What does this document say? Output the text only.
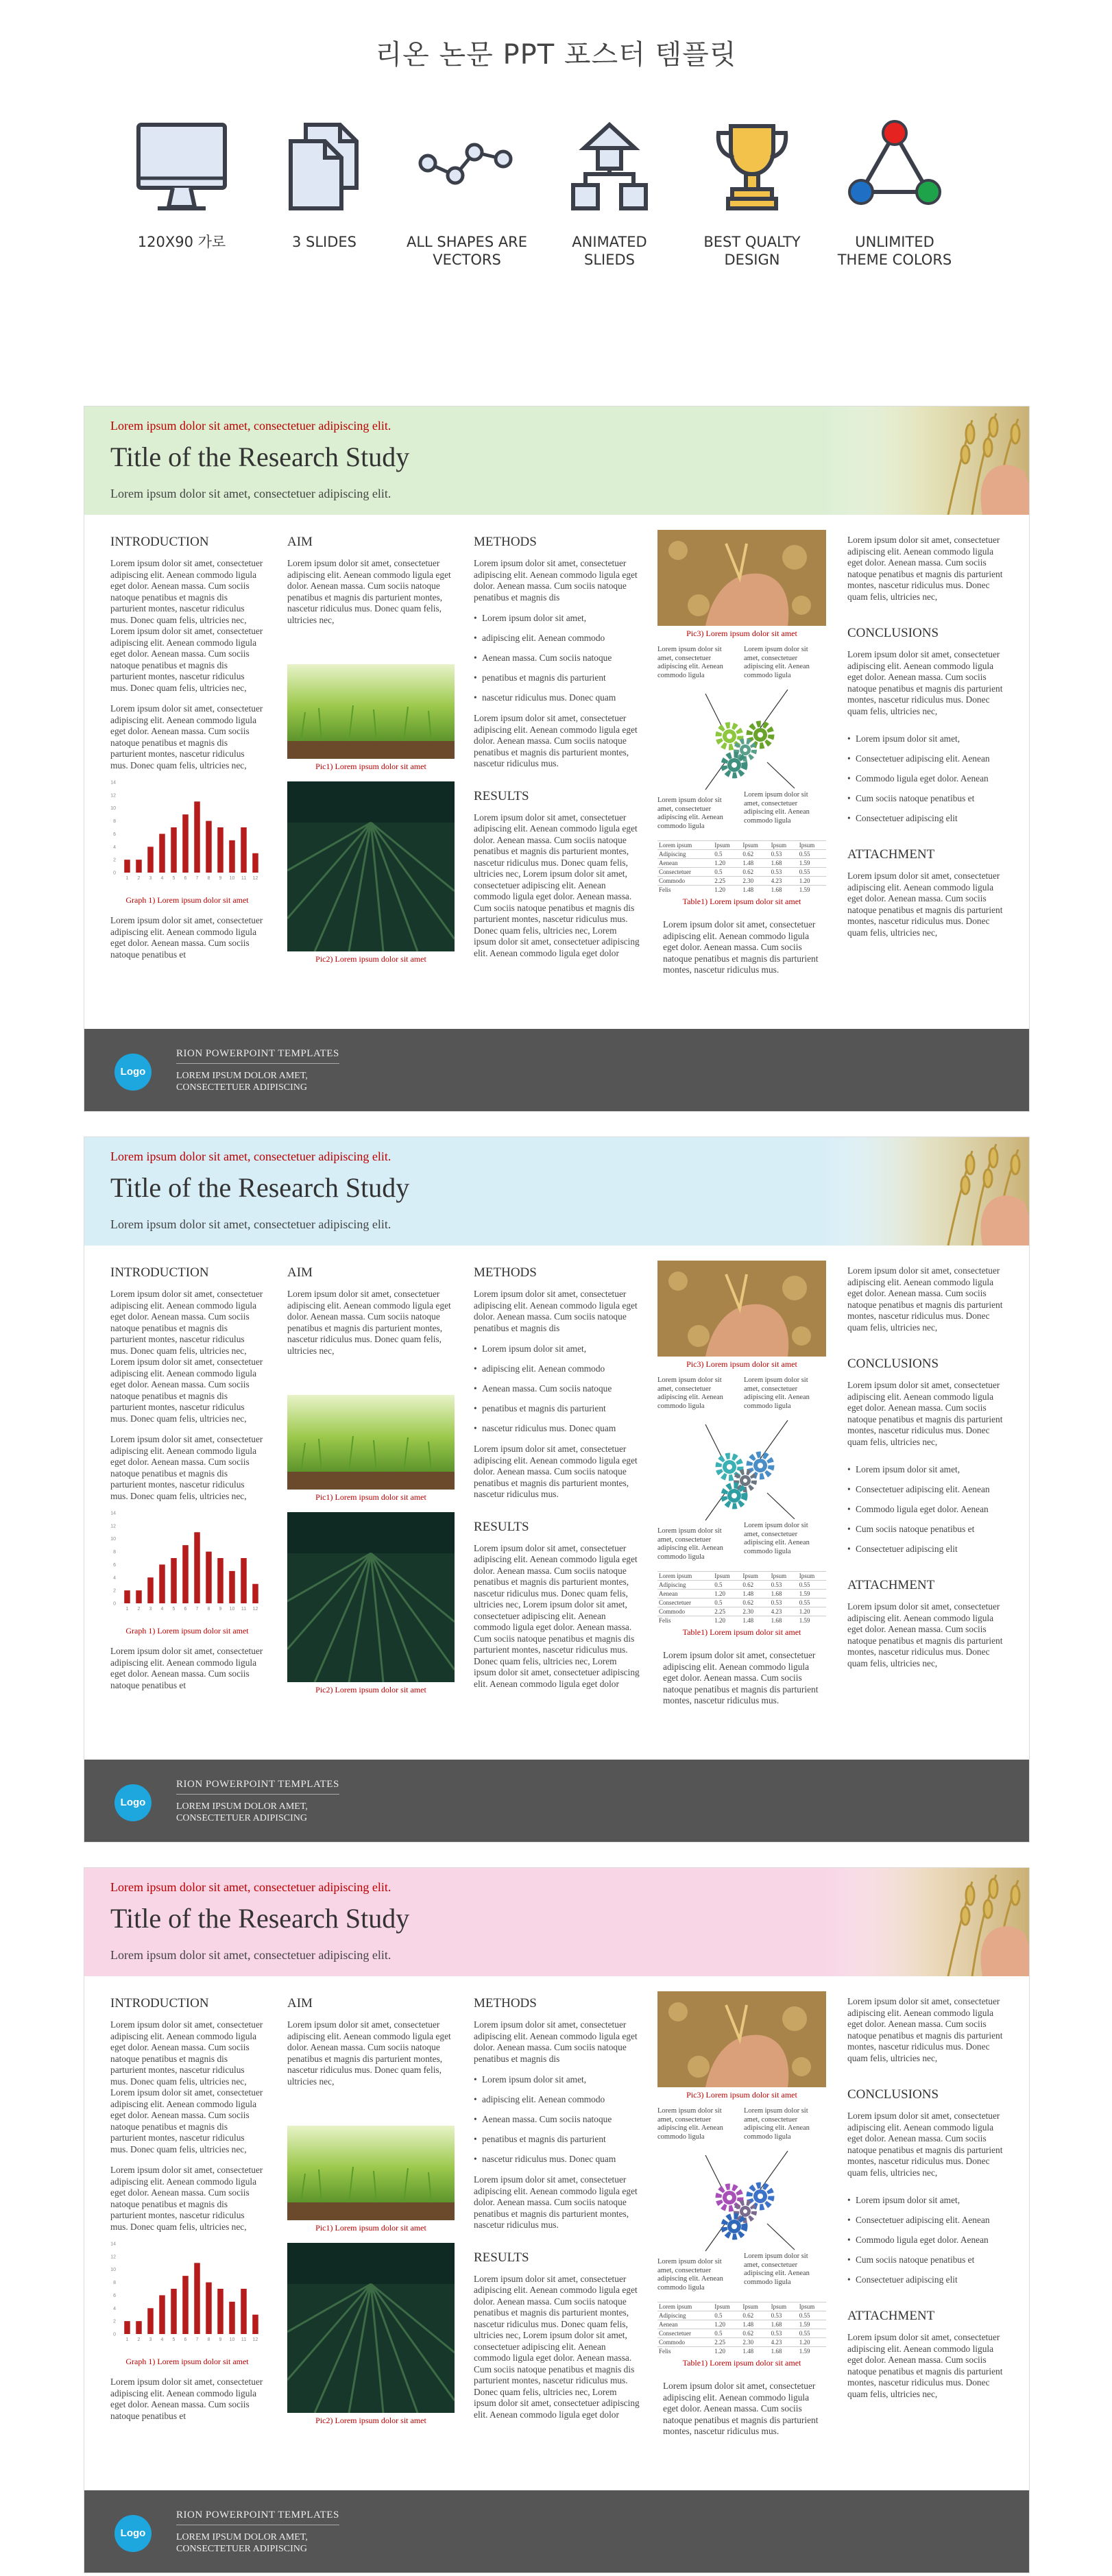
리온 논문 PPT 포스터 템플릿
120X90 가로	3 SLIDES	ALL SHAPES ARE VECTORS
ANIMATED SLIEDS
BEST QUALTY DESIGN
UNLIMITED THEME COLORS
Lorem ipsum dolor sit amet, consectetuer adipiscing elit.
Title of the Research Study
Lorem ipsum dolor sit amet, consectetuer adipiscing elit.
INTRODUCTION
Lorem ipsum dolor sit amet, consectetuer adipiscing elit. Aenean commodo ligula eget dolor. Aenean massa. Cum sociis natoque penatibus et magnis dis parturient montes, nascetur ridiculus mus. Donec quam felis, ultricies nec,
Lorem ipsum dolor sit amet, consectetuer adipiscing elit. Aenean commodo ligula eget dolor. Aenean massa. Cum sociis natoque penatibus et magnis dis parturient montes, nascetur ridiculus mus. Donec quam felis, ultricies nec,
Lorem ipsum dolor sit amet, consectetuer adipiscing elit. Aenean commodo ligula eget dolor. Aenean massa. Cum sociis natoque penatibus et magnis dis parturient montes, nascetur ridiculus mus. Donec quam felis, ultricies nec,
0
2
4
6
8
10
12
14
1 2 3 4 5 6 7 8 9 10 11 12
Graph 1) Lorem ipsum dolor sit amet
Lorem ipsum dolor sit amet, consectetuer adipiscing elit. Aenean commodo ligula eget dolor. Aenean massa. Cum sociis natoque penatibus et
AIM
Lorem ipsum dolor sit amet, consectetuer adipiscing elit. Aenean commodo ligula eget dolor. Aenean massa. Cum sociis natoque penatibus et magnis dis parturient montes, nascetur ridiculus mus. Donec quam felis, ultricies nec,
Pic1) Lorem ipsum dolor sit amet
Pic2) Lorem ipsum dolor sit amet
METHODS
Lorem ipsum dolor sit amet, consectetuer adipiscing elit. Aenean commodo ligula eget dolor. Aenean massa. Cum sociis natoque penatibus et magnis dis
• Lorem ipsum dolor sit amet,
• adipiscing elit. Aenean commodo
• Aenean massa. Cum sociis natoque
• penatibus et magnis dis parturient
• nascetur ridiculus mus. Donec quam
Lorem ipsum dolor sit amet, consectetuer adipiscing elit. Aenean commodo ligula eget dolor. Aenean massa. Cum sociis natoque penatibus et magnis dis parturient montes, nascetur ridiculus mus.
RESULTS
Lorem ipsum dolor sit amet, consectetuer adipiscing elit. Aenean commodo ligula eget dolor. Aenean massa. Cum sociis natoque penatibus et magnis dis parturient montes, nascetur ridiculus mus. Donec quam felis, ultricies nec, Lorem ipsum dolor sit amet, consectetuer adipiscing elit. Aenean commodo ligula eget dolor. Aenean massa. Cum sociis natoque penatibus et magnis dis parturient montes, nascetur ridiculus mus. Donec quam felis, ultricies nec, Lorem ipsum dolor sit amet, consectetuer adipiscing elit. Aenean commodo ligula eget dolor
Pic3) Lorem ipsum dolor sit amet
Lorem ipsum dolor sit amet, consectetuer adipiscing elit. Aenean commodo ligula
Lorem ipsum dolor sit amet, consectetuer adipiscing elit. Aenean commodo ligula
Lorem ipsum dolor sit amet, consectetuer adipiscing elit. Aenean commodo ligula
Lorem ipsum dolor sit amet, consectetuer adipiscing elit. Aenean commodo ligula
Lorem ipsum	Ipsum	Ipsum	Ipsum	Ipsum
Adipiscing	0.5	0.62	0.53	0.55
Aenean	1.20	1.48	1.68	1.59
Consectetuer	0.5	0.62	0.53	0.55
Commodo	2.25	2.30	4.23	1.20
Felis	1.20	1.48	1.68	1.59
Table1) Lorem ipsum dolor sit amet
Lorem ipsum dolor sit amet, consectetuer adipiscing elit. Aenean commodo ligula eget dolor. Aenean massa. Cum sociis natoque penatibus et magnis dis parturient montes, nascetur ridiculus mus.
Lorem ipsum dolor sit amet, consectetuer adipiscing elit. Aenean commodo ligula eget dolor. Aenean massa. Cum sociis natoque penatibus et magnis dis parturient montes, nascetur ridiculus mus. Donec quam felis, ultricies nec,
CONCLUSIONS
Lorem ipsum dolor sit amet, consectetuer adipiscing elit. Aenean commodo ligula eget dolor. Aenean massa. Cum sociis natoque penatibus et magnis dis parturient montes, nascetur ridiculus mus. Donec quam felis, ultricies nec,
• Lorem ipsum dolor sit amet,
• Consectetuer adipiscing elit. Aenean
• Commodo ligula eget dolor. Aenean
• Cum sociis natoque penatibus et
• Consectetuer adipiscing elit
ATTACHMENT
Lorem ipsum dolor sit amet, consectetuer adipiscing elit. Aenean commodo ligula eget dolor. Aenean massa. Cum sociis natoque penatibus et magnis dis parturient montes, nascetur ridiculus mus. Donec quam felis, ultricies nec,
Logo
RION POWERPOINT TEMPLATES
LOREM IPSUM DOLOR AMET, CONSECTETUER ADIPISCING
Lorem ipsum dolor sit amet, consectetuer adipiscing elit.
Title of the Research Study
Lorem ipsum dolor sit amet, consectetuer adipiscing elit.
INTRODUCTION
Lorem ipsum dolor sit amet, consectetuer adipiscing elit. Aenean commodo ligula eget dolor. Aenean massa. Cum sociis natoque penatibus et magnis dis parturient montes, nascetur ridiculus mus. Donec quam felis, ultricies nec,
Lorem ipsum dolor sit amet, consectetuer adipiscing elit. Aenean commodo ligula eget dolor. Aenean massa. Cum sociis natoque penatibus et magnis dis parturient montes, nascetur ridiculus mus. Donec quam felis, ultricies nec,
Lorem ipsum dolor sit amet, consectetuer adipiscing elit. Aenean commodo ligula eget dolor. Aenean massa. Cum sociis natoque penatibus et magnis dis parturient montes, nascetur ridiculus mus. Donec quam felis, ultricies nec,
0
2
4
6
8
10
12
14
1 2 3 4 5 6 7 8 9 10 11 12
Graph 1) Lorem ipsum dolor sit amet
Lorem ipsum dolor sit amet, consectetuer adipiscing elit. Aenean commodo ligula eget dolor. Aenean massa. Cum sociis natoque penatibus et
AIM
Lorem ipsum dolor sit amet, consectetuer adipiscing elit. Aenean commodo ligula eget dolor. Aenean massa. Cum sociis natoque penatibus et magnis dis parturient montes, nascetur ridiculus mus. Donec quam felis, ultricies nec,
Pic1) Lorem ipsum dolor sit amet
Pic2) Lorem ipsum dolor sit amet
METHODS
Lorem ipsum dolor sit amet, consectetuer adipiscing elit. Aenean commodo ligula eget dolor. Aenean massa. Cum sociis natoque penatibus et magnis dis
• Lorem ipsum dolor sit amet,
• adipiscing elit. Aenean commodo
• Aenean massa. Cum sociis natoque
• penatibus et magnis dis parturient
• nascetur ridiculus mus. Donec quam
Lorem ipsum dolor sit amet, consectetuer adipiscing elit. Aenean commodo ligula eget dolor. Aenean massa. Cum sociis natoque penatibus et magnis dis parturient montes, nascetur ridiculus mus.
RESULTS
Lorem ipsum dolor sit amet, consectetuer adipiscing elit. Aenean commodo ligula eget dolor. Aenean massa. Cum sociis natoque penatibus et magnis dis parturient montes, nascetur ridiculus mus. Donec quam felis, ultricies nec, Lorem ipsum dolor sit amet, consectetuer adipiscing elit. Aenean commodo ligula eget dolor. Aenean massa. Cum sociis natoque penatibus et magnis dis parturient montes, nascetur ridiculus mus. Donec quam felis, ultricies nec, Lorem ipsum dolor sit amet, consectetuer adipiscing elit. Aenean commodo ligula eget dolor
Pic3) Lorem ipsum dolor sit amet
Lorem ipsum dolor sit amet, consectetuer adipiscing elit. Aenean commodo ligula
Lorem ipsum dolor sit amet, consectetuer adipiscing elit. Aenean commodo ligula
Lorem ipsum dolor sit amet, consectetuer adipiscing elit. Aenean commodo ligula
Lorem ipsum dolor sit amet, consectetuer adipiscing elit. Aenean commodo ligula
Lorem ipsum	Ipsum	Ipsum	Ipsum	Ipsum
Adipiscing	0.5	0.62	0.53	0.55
Aenean	1.20	1.48	1.68	1.59
Consectetuer	0.5	0.62	0.53	0.55
Commodo	2.25	2.30	4.23	1.20
Felis	1.20	1.48	1.68	1.59
Table1) Lorem ipsum dolor sit amet
Lorem ipsum dolor sit amet, consectetuer adipiscing elit. Aenean commodo ligula eget dolor. Aenean massa. Cum sociis natoque penatibus et magnis dis parturient montes, nascetur ridiculus mus.
Lorem ipsum dolor sit amet, consectetuer adipiscing elit. Aenean commodo ligula eget dolor. Aenean massa. Cum sociis natoque penatibus et magnis dis parturient montes, nascetur ridiculus mus. Donec quam felis, ultricies nec,
CONCLUSIONS
Lorem ipsum dolor sit amet, consectetuer adipiscing elit. Aenean commodo ligula eget dolor. Aenean massa. Cum sociis natoque penatibus et magnis dis parturient montes, nascetur ridiculus mus. Donec quam felis, ultricies nec,
• Lorem ipsum dolor sit amet,
• Consectetuer adipiscing elit. Aenean
• Commodo ligula eget dolor. Aenean
• Cum sociis natoque penatibus et
• Consectetuer adipiscing elit
ATTACHMENT
Lorem ipsum dolor sit amet, consectetuer adipiscing elit. Aenean commodo ligula eget dolor. Aenean massa. Cum sociis natoque penatibus et magnis dis parturient montes, nascetur ridiculus mus. Donec quam felis, ultricies nec,
Logo
RION POWERPOINT TEMPLATES
LOREM IPSUM DOLOR AMET, CONSECTETUER ADIPISCING
Lorem ipsum dolor sit amet, consectetuer adipiscing elit.
Title of the Research Study
Lorem ipsum dolor sit amet, consectetuer adipiscing elit.
INTRODUCTION
Lorem ipsum dolor sit amet, consectetuer adipiscing elit. Aenean commodo ligula eget dolor. Aenean massa. Cum sociis natoque penatibus et magnis dis parturient montes, nascetur ridiculus mus. Donec quam felis, ultricies nec,
Lorem ipsum dolor sit amet, consectetuer adipiscing elit. Aenean commodo ligula eget dolor. Aenean massa. Cum sociis natoque penatibus et magnis dis parturient montes, nascetur ridiculus mus. Donec quam felis, ultricies nec,
Lorem ipsum dolor sit amet, consectetuer adipiscing elit. Aenean commodo ligula eget dolor. Aenean massa. Cum sociis natoque penatibus et magnis dis parturient montes, nascetur ridiculus mus. Donec quam felis, ultricies nec,
0
2
4
6
8
10
12
14
1 2 3 4 5 6 7 8 9 10 11 12
Graph 1) Lorem ipsum dolor sit amet
Lorem ipsum dolor sit amet, consectetuer adipiscing elit. Aenean commodo ligula eget dolor. Aenean massa. Cum sociis natoque penatibus et
AIM
Lorem ipsum dolor sit amet, consectetuer adipiscing elit. Aenean commodo ligula eget dolor. Aenean massa. Cum sociis natoque penatibus et magnis dis parturient montes, nascetur ridiculus mus. Donec quam felis, ultricies nec,
Pic1) Lorem ipsum dolor sit amet
Pic2) Lorem ipsum dolor sit amet
METHODS
Lorem ipsum dolor sit amet, consectetuer adipiscing elit. Aenean commodo ligula eget dolor. Aenean massa. Cum sociis natoque penatibus et magnis dis
• Lorem ipsum dolor sit amet,
• adipiscing elit. Aenean commodo
• Aenean massa. Cum sociis natoque
• penatibus et magnis dis parturient
• nascetur ridiculus mus. Donec quam
Lorem ipsum dolor sit amet, consectetuer adipiscing elit. Aenean commodo ligula eget dolor. Aenean massa. Cum sociis natoque penatibus et magnis dis parturient montes, nascetur ridiculus mus.
RESULTS
Lorem ipsum dolor sit amet, consectetuer adipiscing elit. Aenean commodo ligula eget dolor. Aenean massa. Cum sociis natoque penatibus et magnis dis parturient montes, nascetur ridiculus mus. Donec quam felis, ultricies nec, Lorem ipsum dolor sit amet, consectetuer adipiscing elit. Aenean commodo ligula eget dolor. Aenean massa. Cum sociis natoque penatibus et magnis dis parturient montes, nascetur ridiculus mus. Donec quam felis, ultricies nec, Lorem ipsum dolor sit amet, consectetuer adipiscing elit. Aenean commodo ligula eget dolor
Pic3) Lorem ipsum dolor sit amet
Lorem ipsum dolor sit amet, consectetuer adipiscing elit. Aenean commodo ligula
Lorem ipsum dolor sit amet, consectetuer adipiscing elit. Aenean commodo ligula
Lorem ipsum dolor sit amet, consectetuer adipiscing elit. Aenean commodo ligula
Lorem ipsum dolor sit amet, consectetuer adipiscing elit. Aenean commodo ligula
Lorem ipsum	Ipsum	Ipsum	Ipsum	Ipsum
Adipiscing	0.5	0.62	0.53	0.55
Aenean	1.20	1.48	1.68	1.59
Consectetuer	0.5	0.62	0.53	0.55
Commodo	2.25	2.30	4.23	1.20
Felis	1.20	1.48	1.68	1.59
Table1) Lorem ipsum dolor sit amet
Lorem ipsum dolor sit amet, consectetuer adipiscing elit. Aenean commodo ligula eget dolor. Aenean massa. Cum sociis natoque penatibus et magnis dis parturient montes, nascetur ridiculus mus.
Lorem ipsum dolor sit amet, consectetuer adipiscing elit. Aenean commodo ligula eget dolor. Aenean massa. Cum sociis natoque penatibus et magnis dis parturient montes, nascetur ridiculus mus. Donec quam felis, ultricies nec,
CONCLUSIONS
Lorem ipsum dolor sit amet, consectetuer adipiscing elit. Aenean commodo ligula eget dolor. Aenean massa. Cum sociis natoque penatibus et magnis dis parturient montes, nascetur ridiculus mus. Donec quam felis, ultricies nec,
• Lorem ipsum dolor sit amet,
• Consectetuer adipiscing elit. Aenean
• Commodo ligula eget dolor. Aenean
• Cum sociis natoque penatibus et
• Consectetuer adipiscing elit
ATTACHMENT
Lorem ipsum dolor sit amet, consectetuer adipiscing elit. Aenean commodo ligula eget dolor. Aenean massa. Cum sociis natoque penatibus et magnis dis parturient montes, nascetur ridiculus mus. Donec quam felis, ultricies nec,
Logo
RION POWERPOINT TEMPLATES
LOREM IPSUM DOLOR AMET, CONSECTETUER ADIPISCING
